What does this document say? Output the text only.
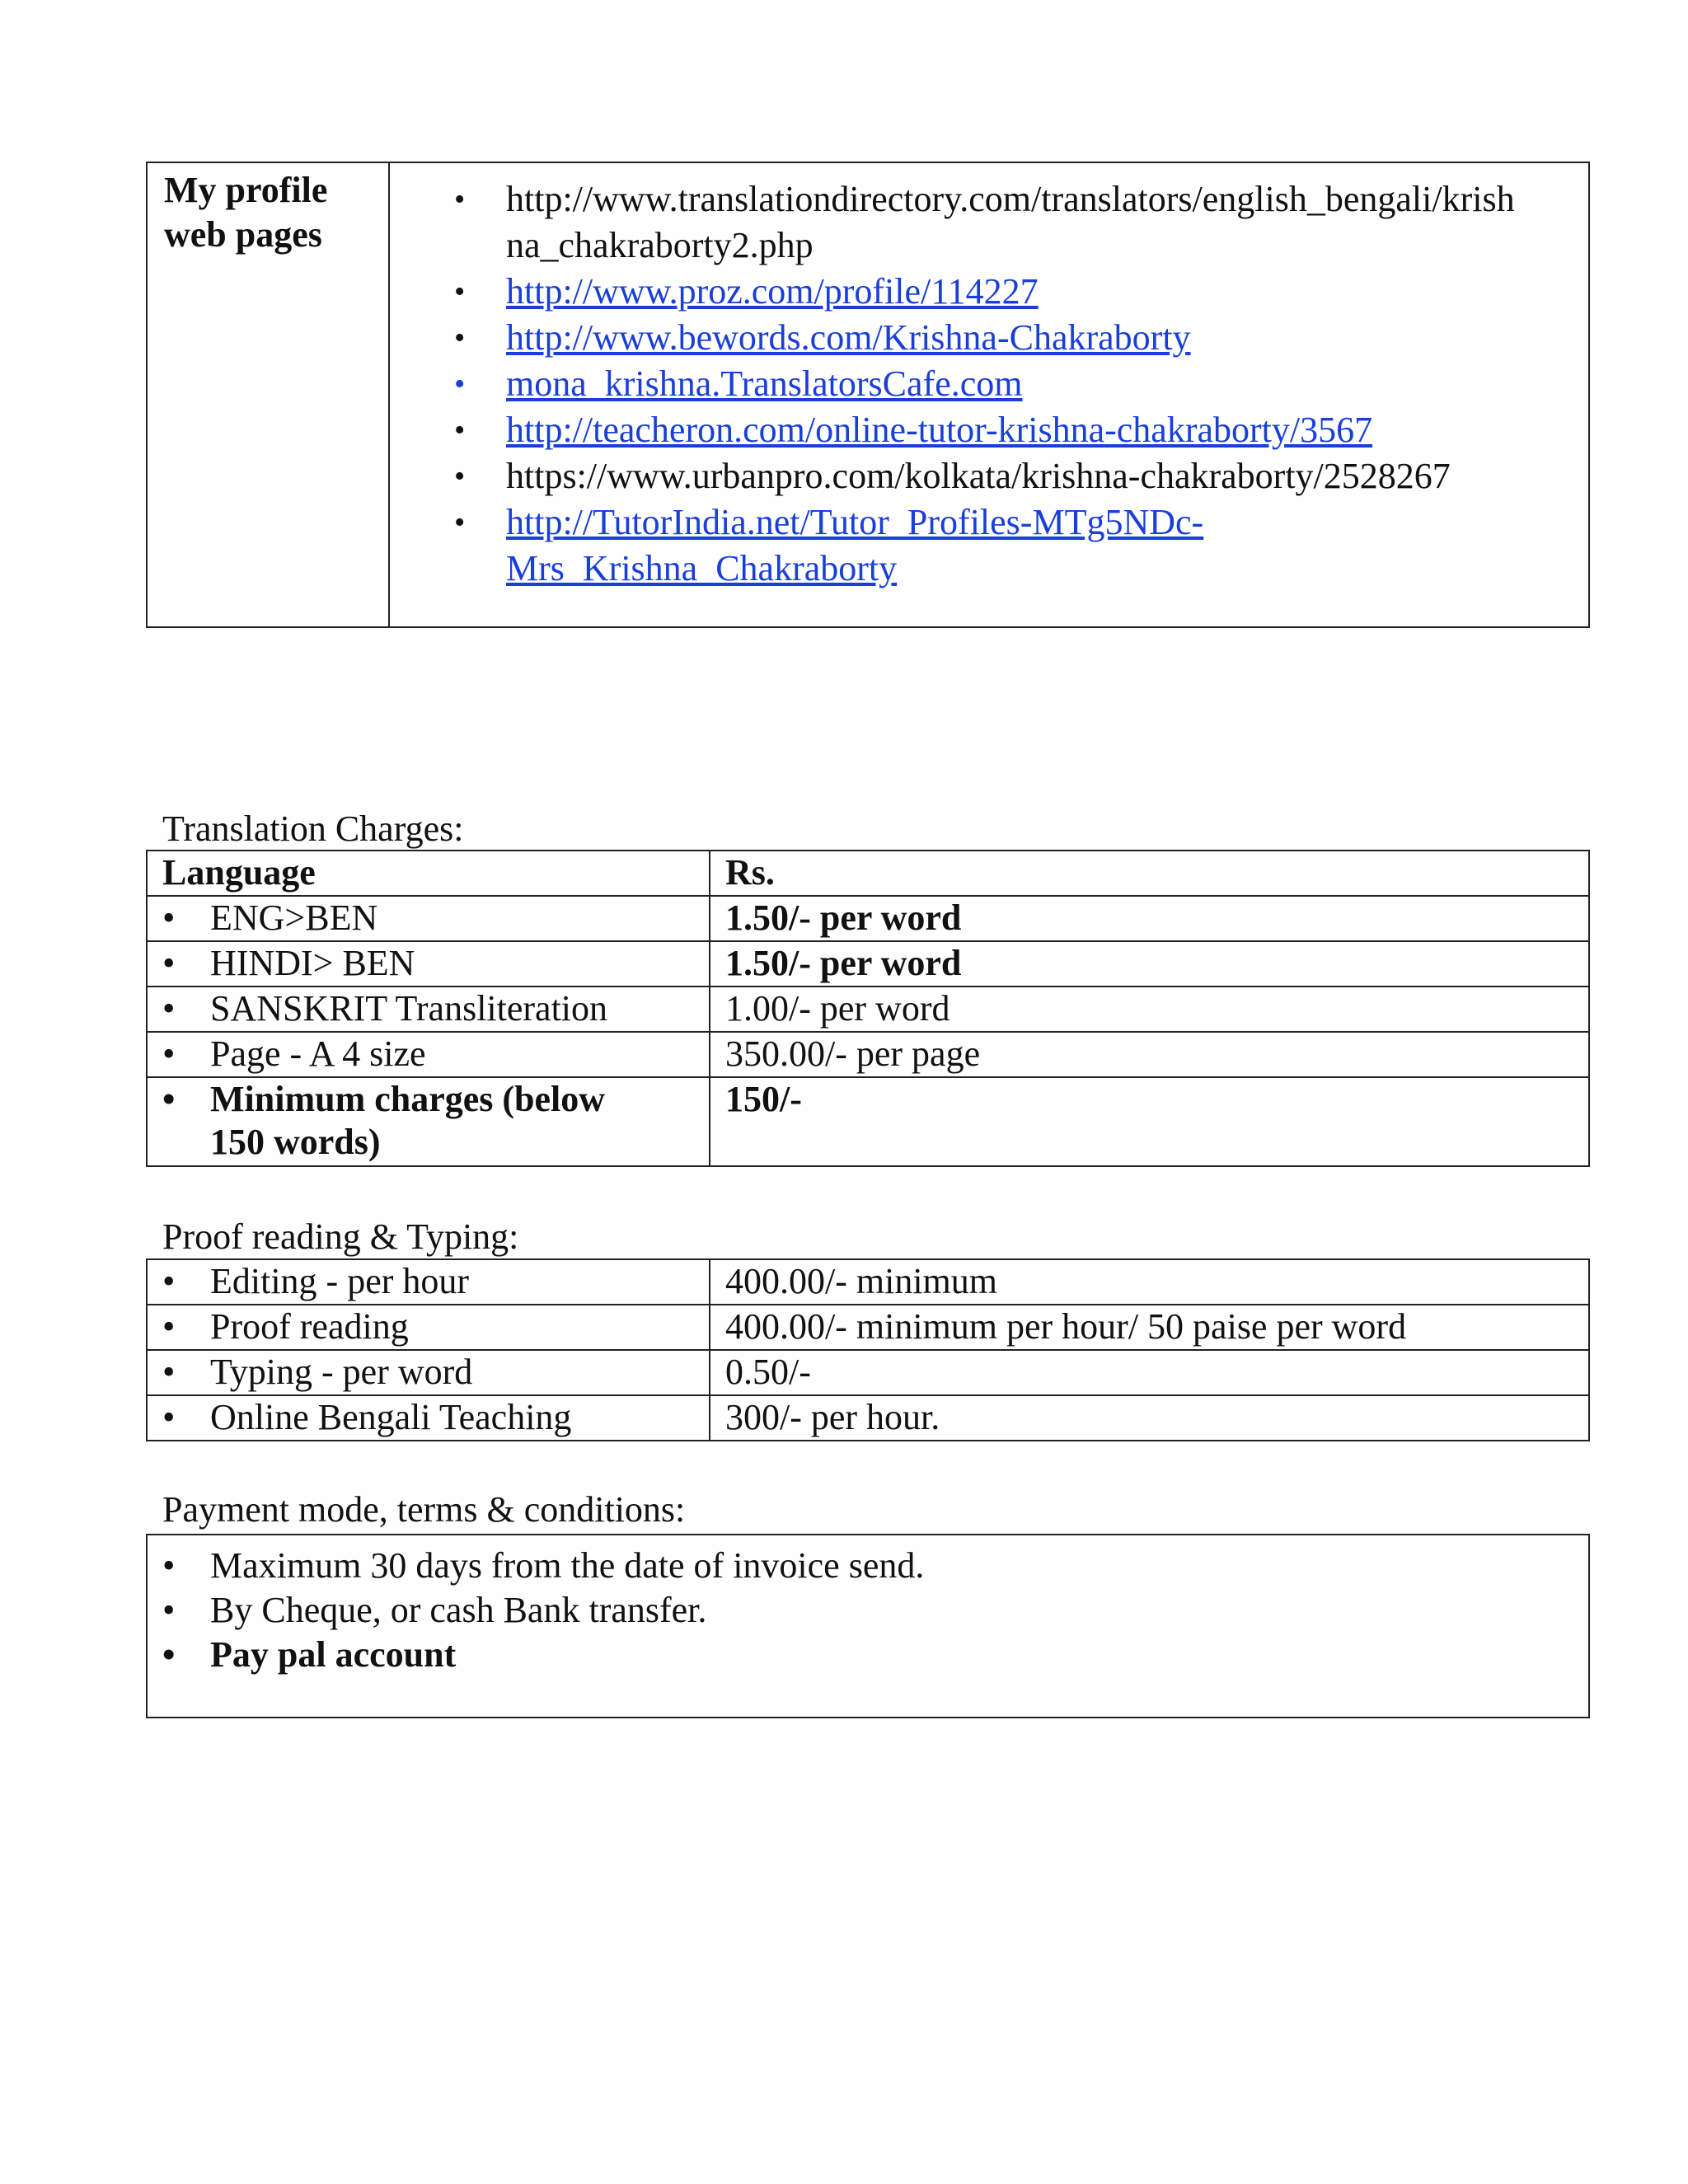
My profile
web pages

• http://www.translationdirectory.com/translators/english_bengali/krish
na_chakraborty2.php
• http://www.proz.com/profile/114227
• http://www.bewords.com/Krishna-Chakraborty
• mona_krishna.TranslatorsCafe.com
• http://teacheron.com/online-tutor-krishna-chakraborty/3567
• https://www.urbanpro.com/kolkata/krishna-chakraborty/2528267
• http://TutorIndia.net/Tutor_Profiles-MTg5NDc-
Mrs_Krishna_Chakraborty
Translation Charges:
Language	Rs.
• ENG>BEN	1.50/- per word
• HINDI> BEN	1.50/- per word
• SANSKRIT Transliteration	1.00/- per word
• Page - A 4 size	350.00/- per page
• Minimum charges (below
150 words)	150/-
Proof reading & Typing:
• Editing - per hour	400.00/- minimum
• Proof reading	400.00/- minimum per hour/ 50 paise per word
• Typing - per word	0.50/-
• Online Bengali Teaching	300/- per hour.
Payment mode, terms & conditions:
• Maximum 30 days from the date of invoice send.
• By Cheque, or cash Bank transfer.
• Pay pal account
